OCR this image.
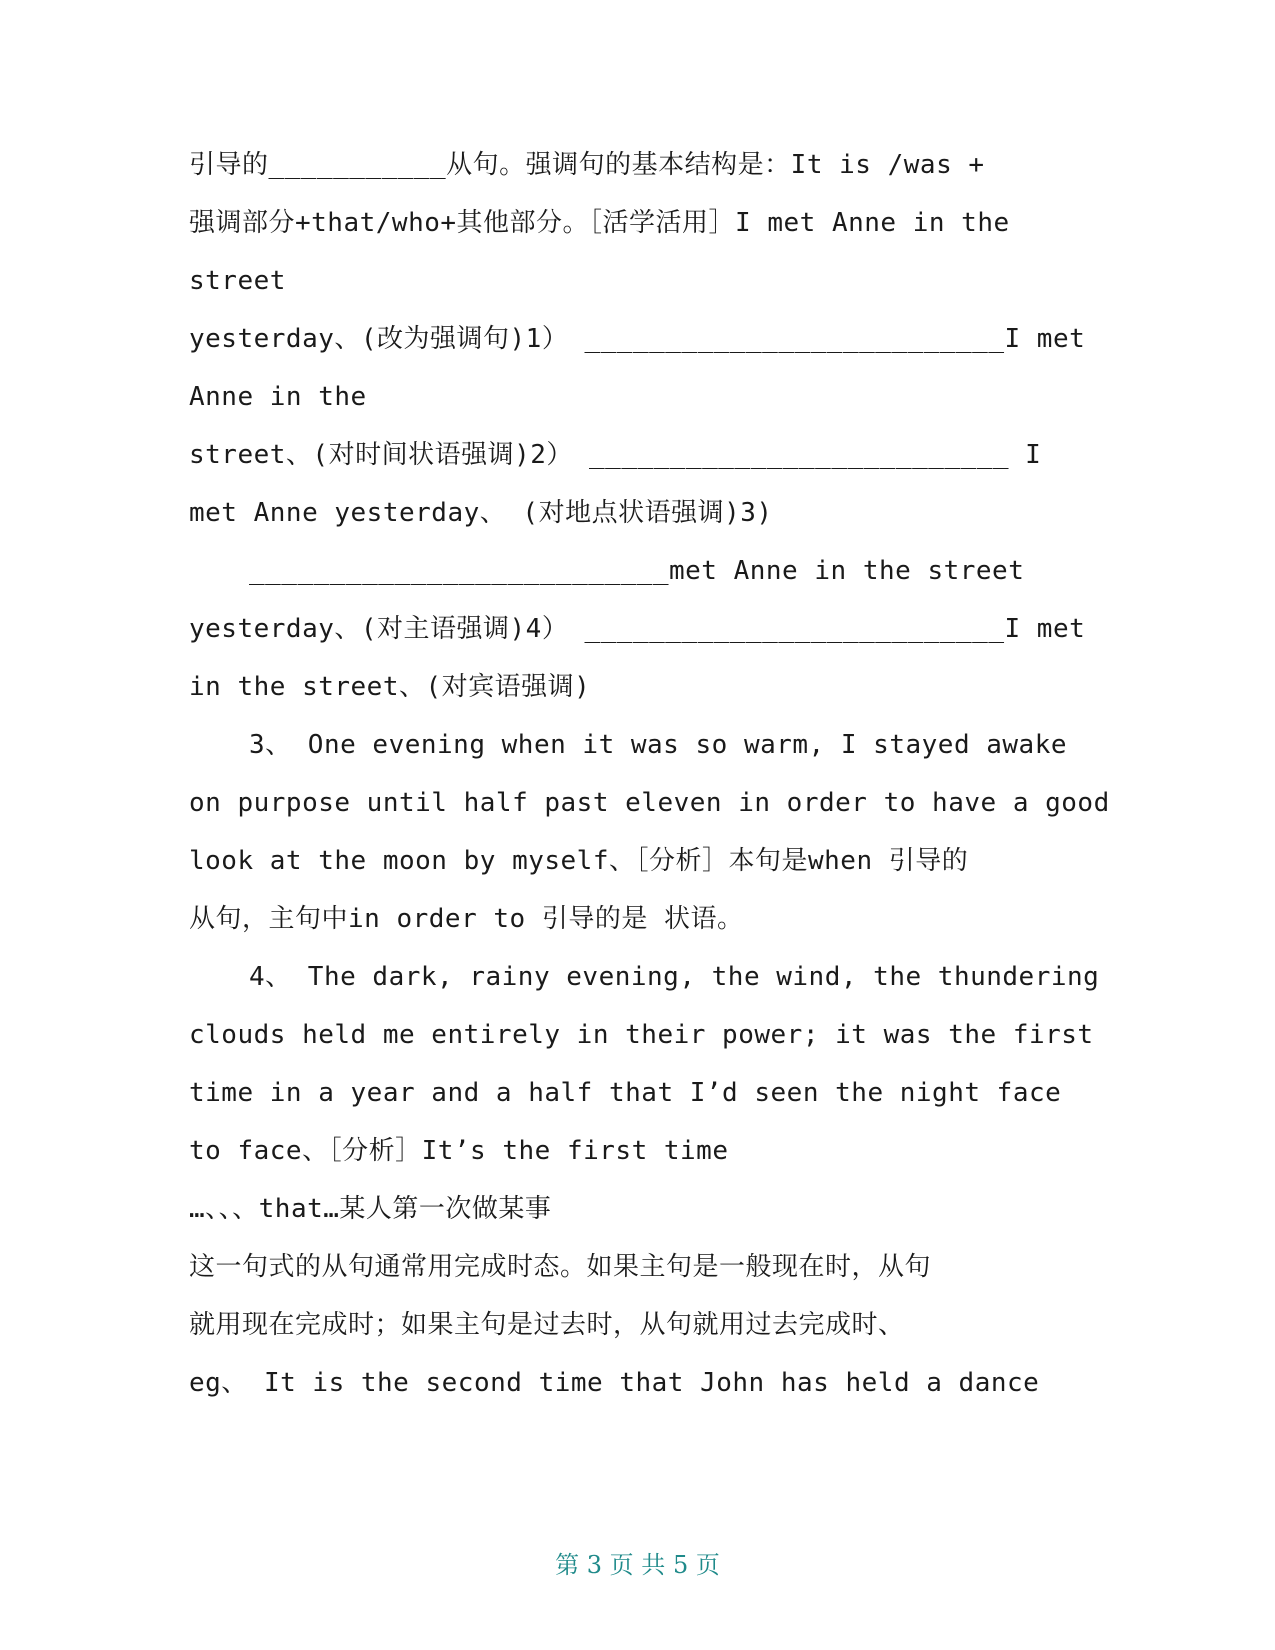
引导的___________从句。强调句的基本结构是：It is /was +
强调部分+that/who+其他部分。［活学活用］I met Anne in the
street
yesterday、(改为强调句)1） __________________________I met
Anne in the
street、(对时间状语强调)2） __________________________ I
met Anne yesterday、 (对地点状语强调)3)
__________________________met Anne in the street
yesterday、(对主语强调)4） __________________________I met
in the street、(对宾语强调)
3、 One evening when it was so warm, I stayed awake
on purpose until half past eleven in order to have a good
look at the moon by myself、［分析］本句是when 引导的
从句，主句中in order to 引导的是 状语。
4、 The dark, rainy evening, the wind, the thundering
clouds held me entirely in their power; it was the first
time in a year and a half that I’d seen the night face
to face、［分析］It’s the first time
…、、、that…某人第一次做某事
这一句式的从句通常用完成时态。如果主句是一般现在时，从句
就用现在完成时；如果主句是过去时，从句就用过去完成时、
eg、 It is the second time that John has held a dance
第 3 页 共 5 页
